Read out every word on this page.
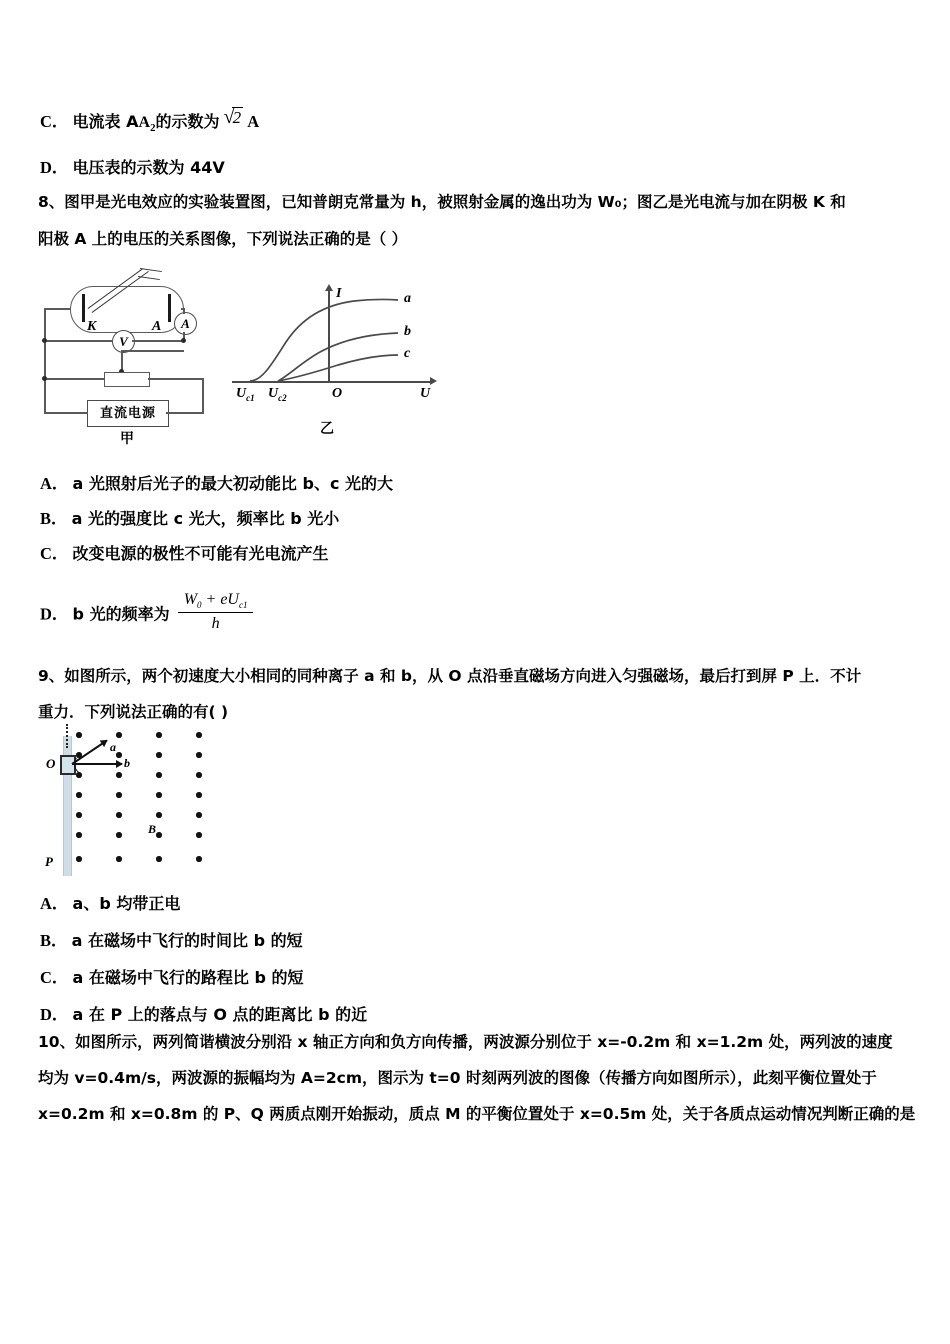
C． 电流表 $AA_2$的示数为 √2 A
D． 电压表的示数为 44V
8、图甲是光电效应的实验装置图，已知普朗克常量为 h，被照射金属的逸出功为 W₀；图乙是光电流与加在阴极 K 和
阳极 A 上的电压的关系图像，下列说法正确的是（ ）
K	A	A
V
直流电源
甲
a
b
c
I
U
O
$U_{c1}$ $U_{c2}$
乙
A． a 光照射后光子的最大初动能比 b、c 光的大
B． a 光的强度比 c 光大，频率比 b 光小
C． 改变电源的极性不可能有光电流产生
D． b 光的频率为 $\frac{W_0 + eU_{c1}}{h}$
9、如图所示，两个初速度大小相同的同种离子 a 和 b，从 O 点沿垂直磁场方向进入匀强磁场，最后打到屏 P 上．不计
重力．下列说法正确的有( )
O
P
B
a
b
A． a、b 均带正电
B． a 在磁场中飞行的时间比 b 的短
C． a 在磁场中飞行的路程比 b 的短
D． a 在 P 上的落点与 O 点的距离比 b 的近
10、如图所示，两列简谐横波分别沿 x 轴正方向和负方向传播，两波源分别位于 x=-0.2m 和 x=1.2m 处，两列波的速度
均为 v=0.4m/s，两波源的振幅均为 A=2cm，图示为 t=0 时刻两列波的图像（传播方向如图所示），此刻平衡位置处于
x=0.2m 和 x=0.8m 的 P、Q 两质点刚开始振动，质点 M 的平衡位置处于 x=0.5m 处，关于各质点运动情况判断正确的是
